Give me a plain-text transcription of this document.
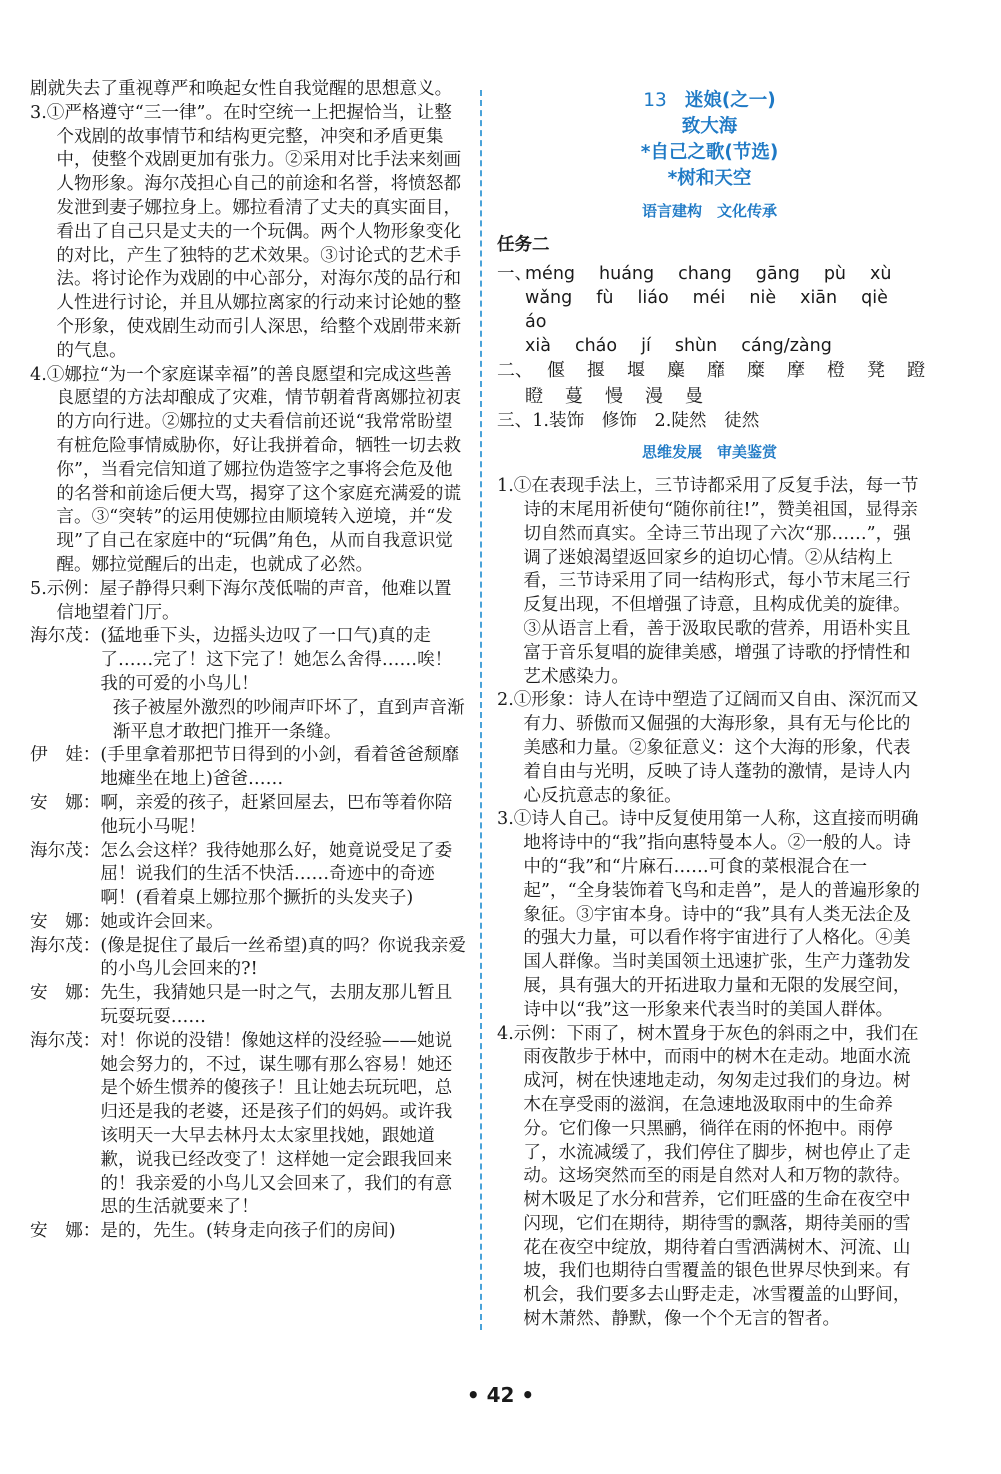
剧就失去了重视尊严和唤起女性自我觉醒的思想意义。

3.①严格遵守“三一律”。在时空统一上把握恰当，让整个戏剧的故事情节和结构更完整，冲突和矛盾更集中，使整个戏剧更加有张力。②采用对比手法来刻画人物形象。海尔茂担心自己的前途和名誉，将愤怒都发泄到妻子娜拉身上。娜拉看清了丈夫的真实面目，看出了自己只是丈夫的一个玩偶。两个人物形象变化的对比，产生了独特的艺术效果。③讨论式的艺术手法。将讨论作为戏剧的中心部分，对海尔茂的品行和人性进行讨论，并且从娜拉离家的行动来讨论她的整个形象，使戏剧生动而引人深思，给整个戏剧带来新的气息。

4.①娜拉“为一个家庭谋幸福”的善良愿望和完成这些善良愿望的方法却酿成了灾难，情节朝着背离娜拉初衷的方向行进。②娜拉的丈夫看信前还说“我常常盼望有桩危险事情威胁你，好让我拼着命，牺牲一切去救你”，当看完信知道了娜拉伪造签字之事将会危及他的名誉和前途后便大骂，揭穿了这个家庭充满爱的谎言。③“突转”的运用使娜拉由顺境转入逆境，并“发现”了自己在家庭中的“玩偶”角色，从而自我意识觉醒。娜拉觉醒后的出走，也就成了必然。

5.示例：屋子静得只剩下海尔茂低喘的声音，他难以置信地望着门厅。

海尔茂： (猛地垂下头，边摇头边叹了一口气)真的走了……完了！这下完了！她怎么舍得……唉！我的可爱的小鸟儿！

孩子被屋外激烈的吵闹声吓坏了，直到声音渐渐平息才敢把门推开一条缝。

伊　娃： (手里拿着那把节日得到的小剑，看着爸爸颓靡地瘫坐在地上)爸爸……
安　娜： 啊，亲爱的孩子，赶紧回屋去，巴布等着你陪他玩小马呢！
海尔茂： 怎么会这样？我待她那么好，她竟说受足了委屈！说我们的生活不快活……奇迹中的奇迹啊！(看着桌上娜拉那个撅折的头发夹子)
安　娜： 她或许会回来。
海尔茂： (像是捉住了最后一丝希望)真的吗？你说我亲爱的小鸟儿会回来的?!
安　娜： 先生，我猜她只是一时之气，去朋友那儿暂且玩耍玩耍……
海尔茂： 对！你说的没错！像她这样的没经验——她说她会努力的，不过，谋生哪有那么容易！她还是个娇生惯养的傻孩子！且让她去玩玩吧，总归还是我的老婆，还是孩子们的妈妈。或许我该明天一大早去林丹太太家里找她，跟她道歉，说我已经改变了！这样她一定会跟我回来的！我亲爱的小鸟儿又会回来了，我们的有意思的生活就要来了！
安　娜： 是的，先生。(转身走向孩子们的房间)
13 迷娘(之一)
致大海
*自己之歌(节选)
*树和天空
语言建构　文化传承
任务二
一、
méng huáng chang gāng pù xù
wǎng fù liáo méi niè xiān qiè
áo
xià cháo jí shùn cáng/zàng
二、 偃 揠 堰 麋 靡 糜 摩 橙 凳 蹬
瞪 蔓 慢 漫 曼

三、1.装饰　修饰　2.陡然　徒然

思维发展　审美鉴赏

1.①在表现手法上，三节诗都采用了反复手法，每一节诗的末尾用祈使句“随你前往!”，赞美祖国，显得亲切自然而真实。全诗三节出现了六次“那……”，强调了迷娘渴望返回家乡的迫切心情。②从结构上看，三节诗采用了同一结构形式，每小节末尾三行反复出现，不但增强了诗意，且构成优美的旋律。③从语言上看，善于汲取民歌的营养，用语朴实且富于音乐复唱的旋律美感，增强了诗歌的抒情性和艺术感染力。

2.①形象：诗人在诗中塑造了辽阔而又自由、深沉而又有力、骄傲而又倔强的大海形象，具有无与伦比的美感和力量。②象征意义：这个大海的形象，代表着自由与光明，反映了诗人蓬勃的激情，是诗人内心反抗意志的象征。

3.①诗人自己。诗中反复使用第一人称，这直接而明确地将诗中的“我”指向惠特曼本人。②一般的人。诗中的“我”和“片麻石……可食的菜根混合在一起”，“全身装饰着飞鸟和走兽”，是人的普遍形象的象征。③宇宙本身。诗中的“我”具有人类无法企及的强大力量，可以看作将宇宙进行了人格化。④美国人群像。当时美国领土迅速扩张，生产力蓬勃发展，具有强大的开拓进取力量和无限的发展空间，诗中以“我”这一形象来代表当时的美国人群体。

4.示例：下雨了，树木置身于灰色的斜雨之中，我们在雨夜散步于林中，而雨中的树木在走动。地面水流成河，树在快速地走动，匆匆走过我们的身边。树木在享受雨的滋润，在急速地汲取雨中的生命养分。它们像一只黑鹂，徜徉在雨的怀抱中。雨停了，水流减缓了，我们停住了脚步，树也停止了走动。这场突然而至的雨是自然对人和万物的款待。树木吸足了水分和营养，它们旺盛的生命在夜空中闪现，它们在期待，期待雪的飘落，期待美丽的雪花在夜空中绽放，期待着白雪洒满树木、河流、山坡，我们也期待白雪覆盖的银色世界尽快到来。有机会，我们要多去山野走走，冰雪覆盖的山野间，树木萧然、静默，像一个个无言的智者。

• 42 •
